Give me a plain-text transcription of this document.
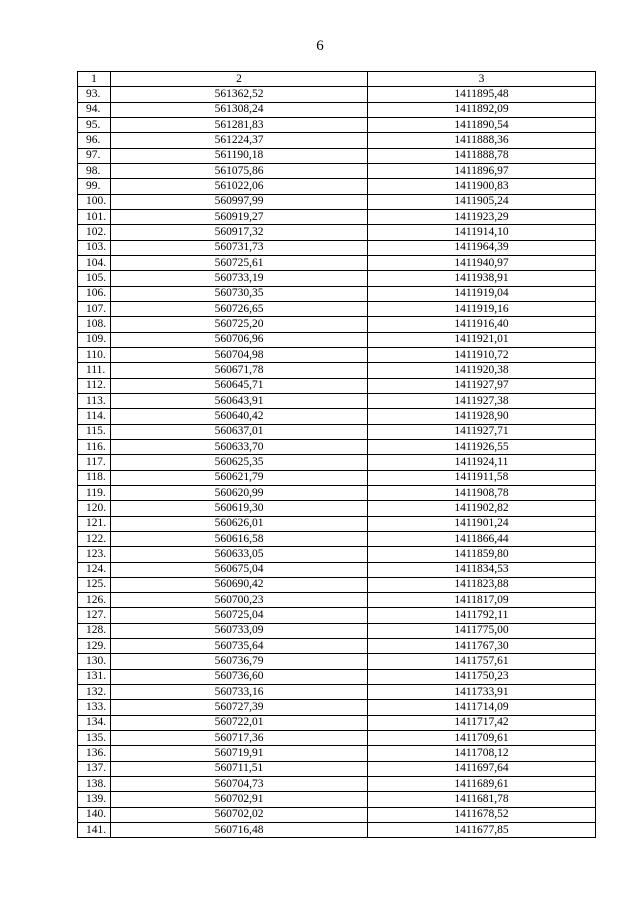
6
1	2	3
93.	561362,52	1411895,48
94.	561308,24	1411892,09
95.	561281,83	1411890,54
96.	561224,37	1411888,36
97.	561190,18	1411888,78
98.	561075,86	1411896,97
99.	561022,06	1411900,83
100.	560997,99	1411905,24
101.	560919,27	1411923,29
102.	560917,32	1411914,10
103.	560731,73	1411964,39
104.	560725,61	1411940,97
105.	560733,19	1411938,91
106.	560730,35	1411919,04
107.	560726,65	1411919,16
108.	560725,20	1411916,40
109.	560706,96	1411921,01
110.	560704,98	1411910,72
111.	560671,78	1411920,38
112.	560645,71	1411927,97
113.	560643,91	1411927,38
114.	560640,42	1411928,90
115.	560637,01	1411927,71
116.	560633,70	1411926,55
117.	560625,35	1411924,11
118.	560621,79	1411911,58
119.	560620,99	1411908,78
120.	560619,30	1411902,82
121.	560626,01	1411901,24
122.	560616,58	1411866,44
123.	560633,05	1411859,80
124.	560675,04	1411834,53
125.	560690,42	1411823,88
126.	560700,23	1411817,09
127.	560725,04	1411792,11
128.	560733,09	1411775,00
129.	560735,64	1411767,30
130.	560736,79	1411757,61
131.	560736,60	1411750,23
132.	560733,16	1411733,91
133.	560727,39	1411714,09
134.	560722,01	1411717,42
135.	560717,36	1411709,61
136.	560719,91	1411708,12
137.	560711,51	1411697,64
138.	560704,73	1411689,61
139.	560702,91	1411681,78
140.	560702,02	1411678,52
141.	560716,48	1411677,85
